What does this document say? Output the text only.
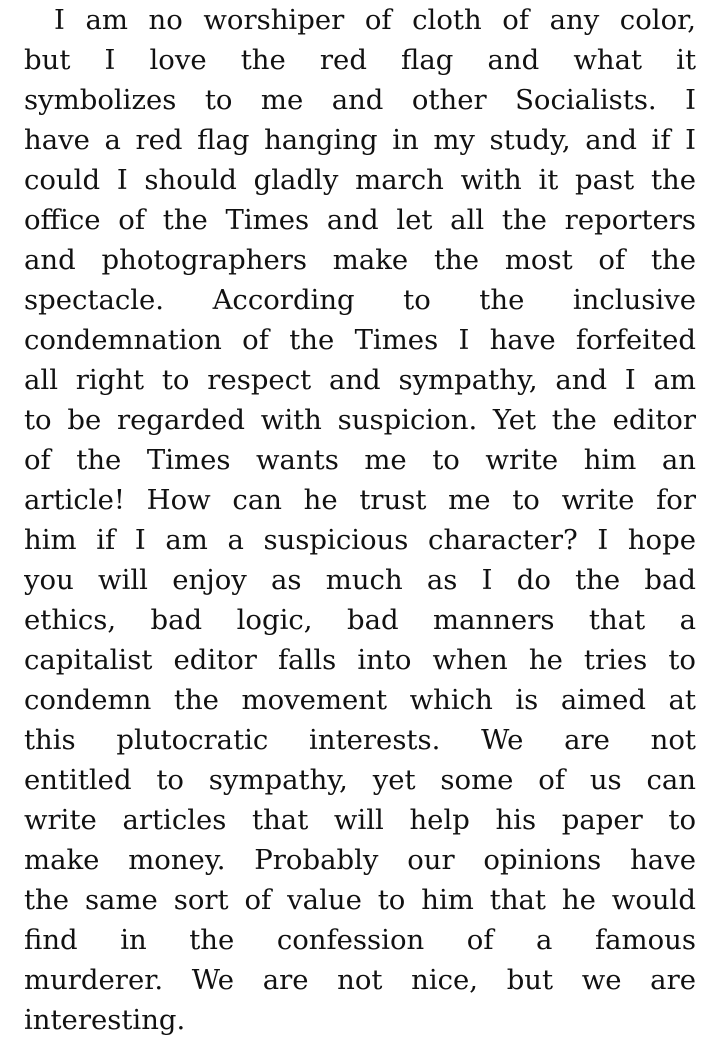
I am no worshiper of cloth of any color,
but I love the red flag and what it
symbolizes to me and other Socialists. I
have a red flag hanging in my study, and if I
could I should gladly march with it past the
office of the Times and let all the reporters
and photographers make the most of the
spectacle. According to the inclusive
condemnation of the Times I have forfeited
all right to respect and sympathy, and I am
to be regarded with suspicion. Yet the editor
of the Times wants me to write him an
article! How can he trust me to write for
him if I am a suspicious character? I hope
you will enjoy as much as I do the bad
ethics, bad logic, bad manners that a
capitalist editor falls into when he tries to
condemn the movement which is aimed at
this plutocratic interests. We are not
entitled to sympathy, yet some of us can
write articles that will help his paper to
make money. Probably our opinions have
the same sort of value to him that he would
find in the confession of a famous
murderer. We are not nice, but we are
interesting.
